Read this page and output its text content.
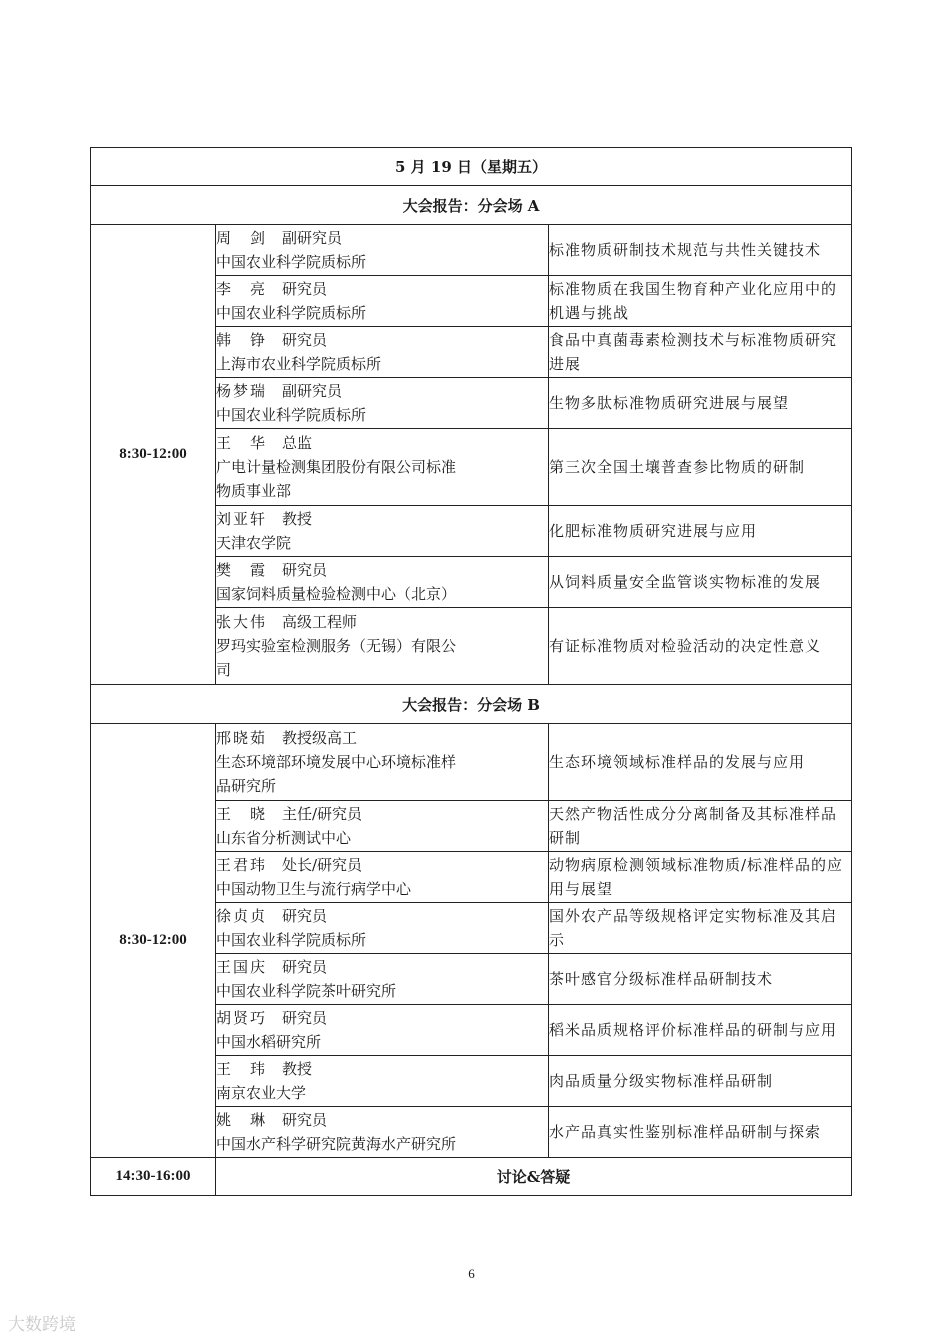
5 月 19 日（星期五）		
大会报告：分会场 A		
8:30-12:00	周　剑 副研究员
中国农业科学院质标所	标准物质研制技术规范与共性关键技术

	李　亮 研究员
中国农业科学院质标所	标准物质在我国生物育种产业化应用中的机遇与挑战

	韩　铮 研究员
上海市农业科学院质标所	食品中真菌毒素检测技术与标准物质研究进展

	杨梦瑞 副研究员
中国农业科学院质标所	生物多肽标准物质研究进展与展望

	王　华 总监
广电计量检测集团股份有限公司标准
物质事业部	第三次全国土壤普查参比物质的研制

	刘亚轩 教授
天津农学院	化肥标准物质研究进展与应用

	樊　霞 研究员
国家饲料质量检验检测中心（北京）	从饲料质量安全监管谈实物标准的发展

	张大伟 高级工程师
罗玛实验室检测服务（无锡）有限公
司	有证标准物质对检验活动的决定性意义

大会报告：分会场 B		
8:30-12:00	邢晓茹 教授级高工
生态环境部环境发展中心环境标准样
品研究所	生态环境领域标准样品的发展与应用

	王　晓 主任/研究员
山东省分析测试中心	天然产物活性成分分离制备及其标准样品研制

	王君玮 处长/研究员
中国动物卫生与流行病学中心	动物病原检测领域标准物质/标准样品的应用与展望

	徐贞贞 研究员
中国农业科学院质标所	国外农产品等级规格评定实物标准及其启示

	王国庆 研究员
中国农业科学院茶叶研究所	茶叶感官分级标准样品研制技术

	胡贤巧 研究员
中国水稻研究所	稻米品质规格评价标准样品的研制与应用

	王　玮 教授
南京农业大学	肉品质量分级实物标准样品研制

	姚　琳 研究员
中国水产科学研究院黄海水产研究所	水产品真实性鉴别标准样品研制与探索

14:30-16:00	讨论&答疑	
6
大数跨境
